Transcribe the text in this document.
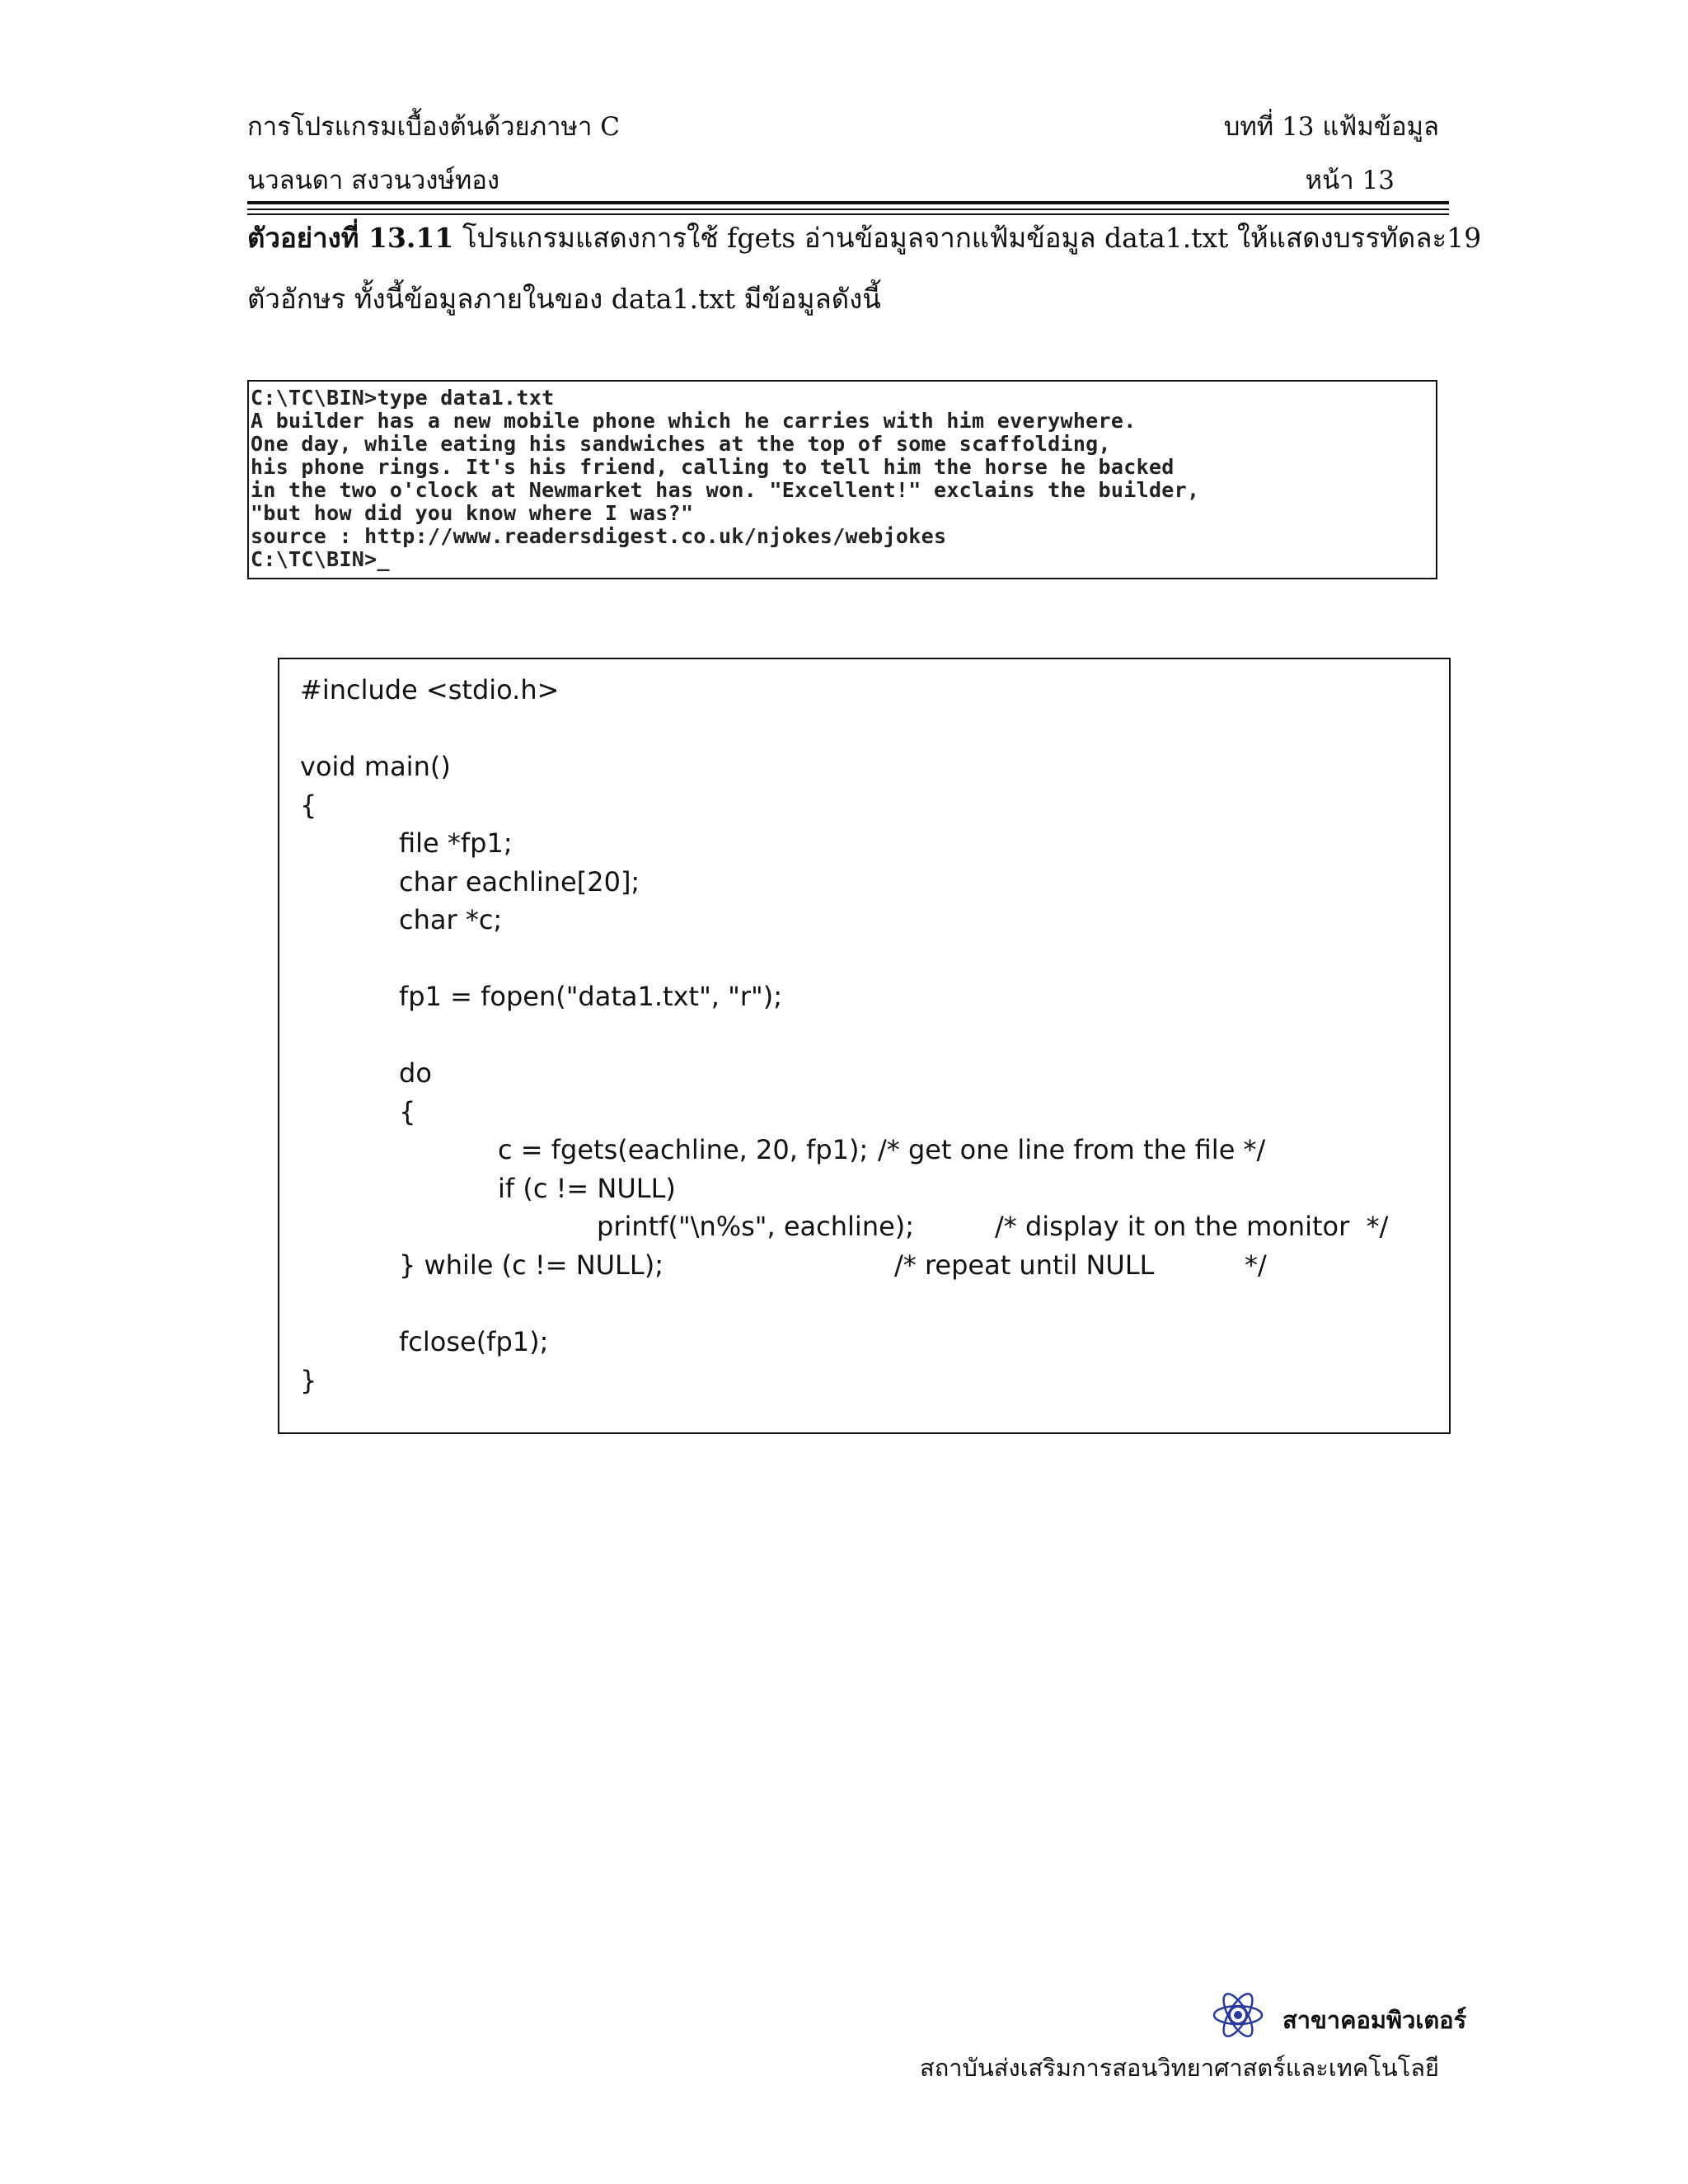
การโปรแกรมเบื้องต้นด้วยภาษา C	บทที่ 13 แฟ้มข้อมูล
นวลนดา สงวนวงษ์ทอง	หน้า 13
ตัวอย่างที่ 13.11 โปรแกรมแสดงการใช้ fgets อ่านข้อมูลจากแฟ้มข้อมูล data1.txt ให้แสดงบรรทัดละ19
ตัวอักษร ทั้งนี้ข้อมูลภายในของ data1.txt มีข้อมูลดังนี้
C:\TC\BIN>type data1.txt
A builder has a new mobile phone which he carries with him everywhere.
One day, while eating his sandwiches at the top of some scaffolding,
his phone rings. It's his friend, calling to tell him the horse he backed
in the two o'clock at Newmarket has won. "Excellent!" exclains the builder,
"but how did you know where I was?"
source : http://www.readersdigest.co.uk/njokes/webjokes
C:\TC\BIN>_
#include <stdio.h>
void main()
{
file *fp1;
char eachline[20];
char *c;
fp1 = fopen("data1.txt", "r");
do
{
c = fgets(eachline, 20, fp1); /* get one line from the file */
if (c != NULL)
printf("\n%s", eachline);	/* display it on the monitor  */
} while (c != NULL);	/* repeat until NULL	*/
fclose(fp1);
}
สาขาคอมพิวเตอร์
สถาบันส่งเสริมการสอนวิทยาศาสตร์และเทคโนโลยี
